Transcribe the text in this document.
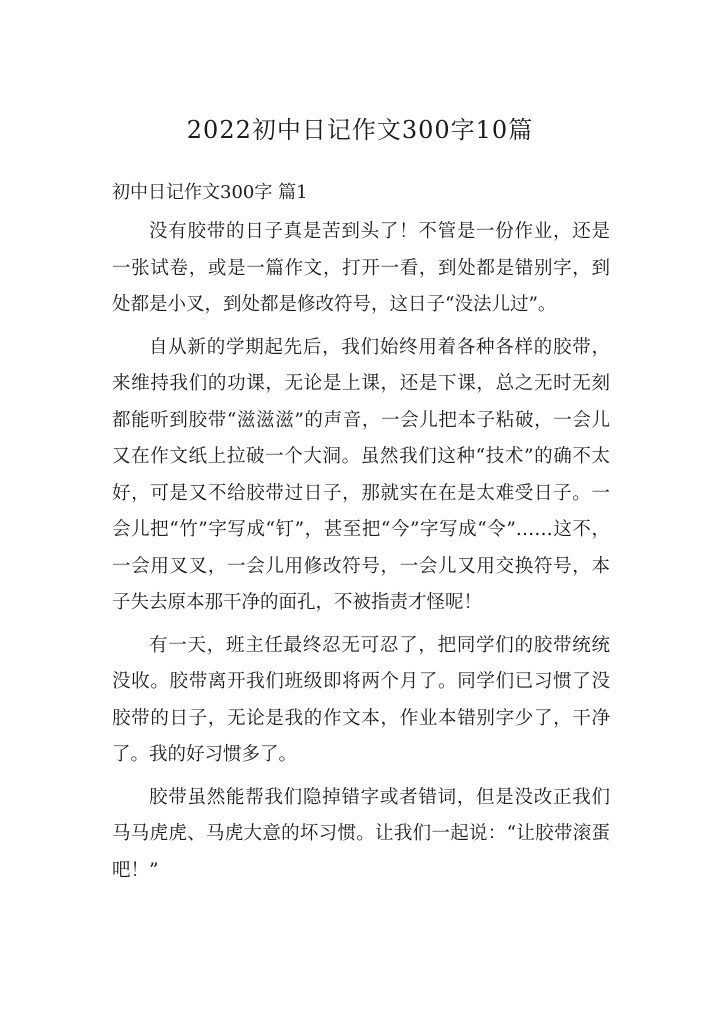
2022初中日记作文300字10篇
初中日记作文300字 篇1

没有胶带的日子真是苦到头了！不管是一份作业，还是一张试卷，或是一篇作文，打开一看，到处都是错别字，到处都是小叉，到处都是修改符号，这日子“没法儿过”。

自从新的学期起先后，我们始终用着各种各样的胶带，来维持我们的功课，无论是上课，还是下课，总之无时无刻都能听到胶带“滋滋滋”的声音，一会儿把本子粘破，一会儿又在作文纸上拉破一个大洞。虽然我们这种“技术”的确不太好，可是又不给胶带过日子，那就实在在是太难受日子。一会儿把“竹”字写成“钉”，甚至把“今”字写成“令”……这不，一会用叉叉，一会儿用修改符号，一会儿又用交换符号，本子失去原本那干净的面孔，不被指责才怪呢！

有一天，班主任最终忍无可忍了，把同学们的胶带统统没收。胶带离开我们班级即将两个月了。同学们已习惯了没胶带的日子，无论是我的作文本，作业本错别字少了，干净了。我的好习惯多了。

胶带虽然能帮我们隐掉错字或者错词，但是没改正我们马马虎虎、马虎大意的坏习惯。让我们一起说：“让胶带滚蛋吧！”
